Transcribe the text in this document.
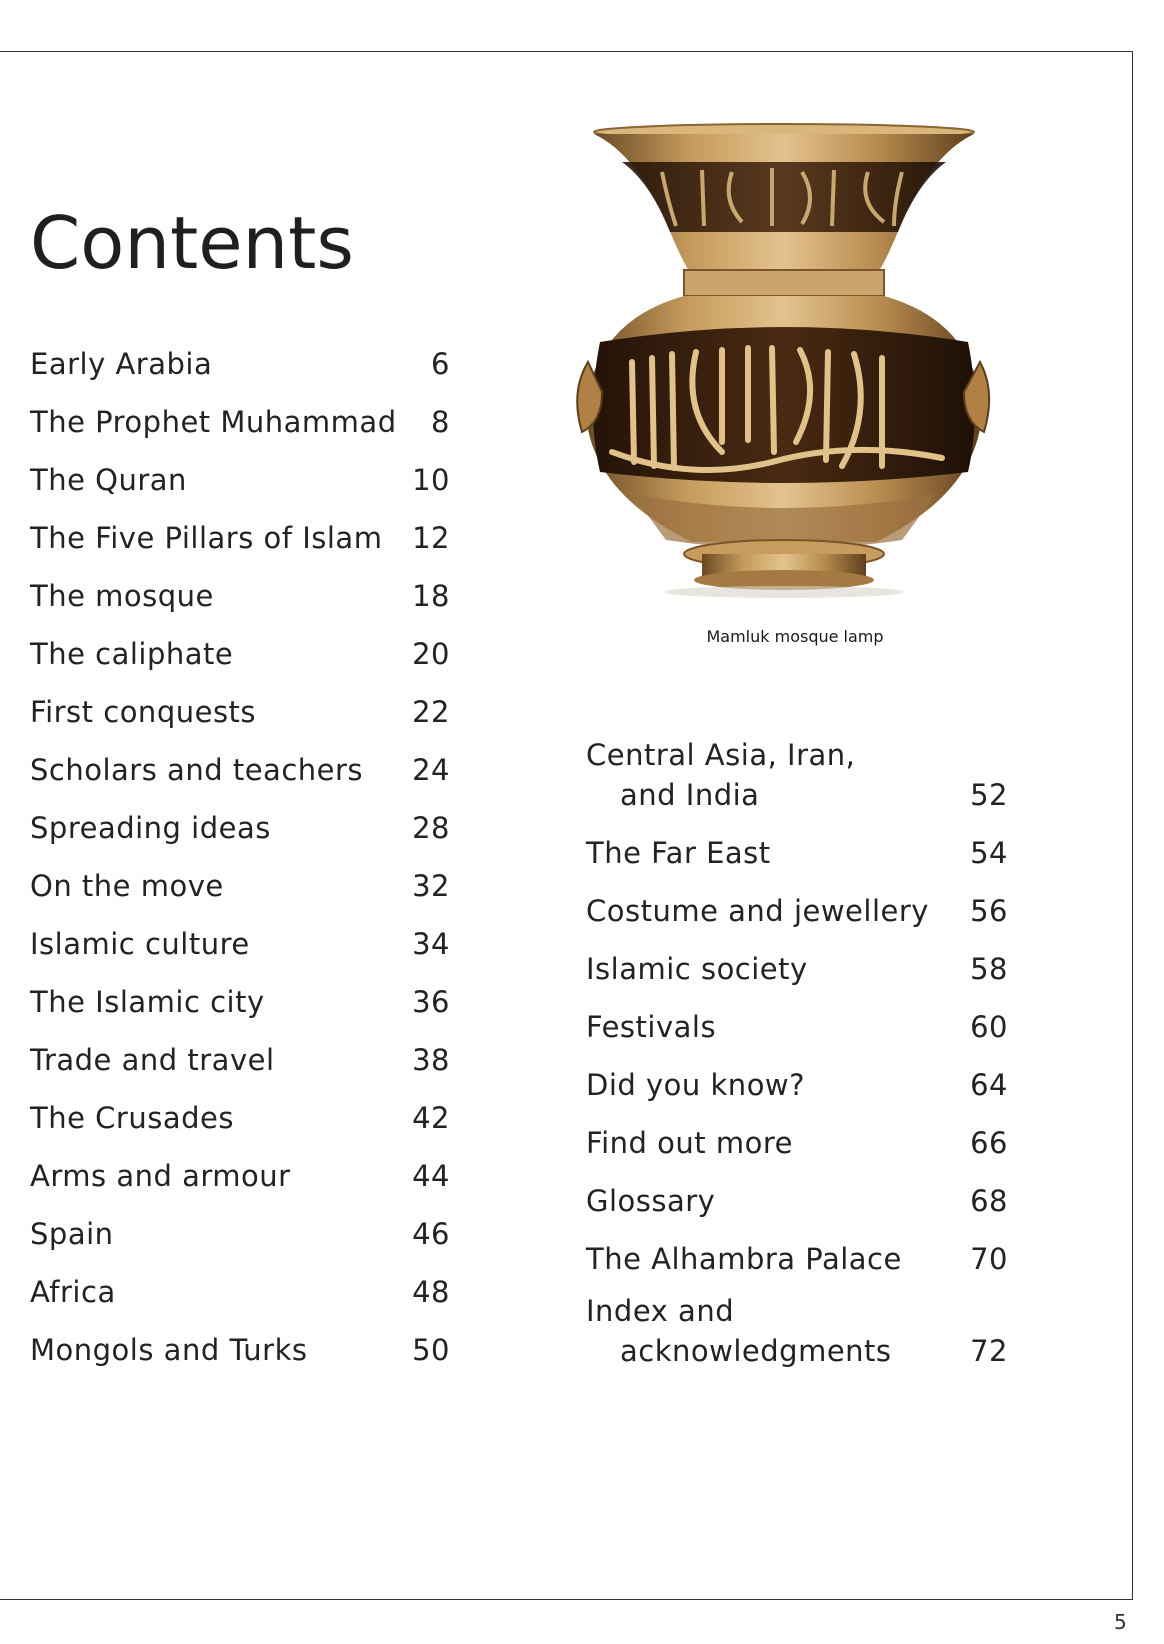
Contents
Early Arabia	6
The Prophet Muhammad	8
The Quran	10
The Five Pillars of Islam	12
The mosque	18
The caliphate	20
First conquests	22
Scholars and teachers	24
Spreading ideas	28
On the move	32
Islamic culture	34
The Islamic city	36
Trade and travel	38
The Crusades	42
Arms and armour	44
Spain	46
Africa	48
Mongols and Turks	50
Central Asia, Iran,
and India	52
The Far East	54
Costume and jewellery	56
Islamic society	58
Festivals	60
Did you know?	64
Find out more	66
Glossary	68
The Alhambra Palace	70
Index and
acknowledgments	72
Mamluk mosque lamp
5
